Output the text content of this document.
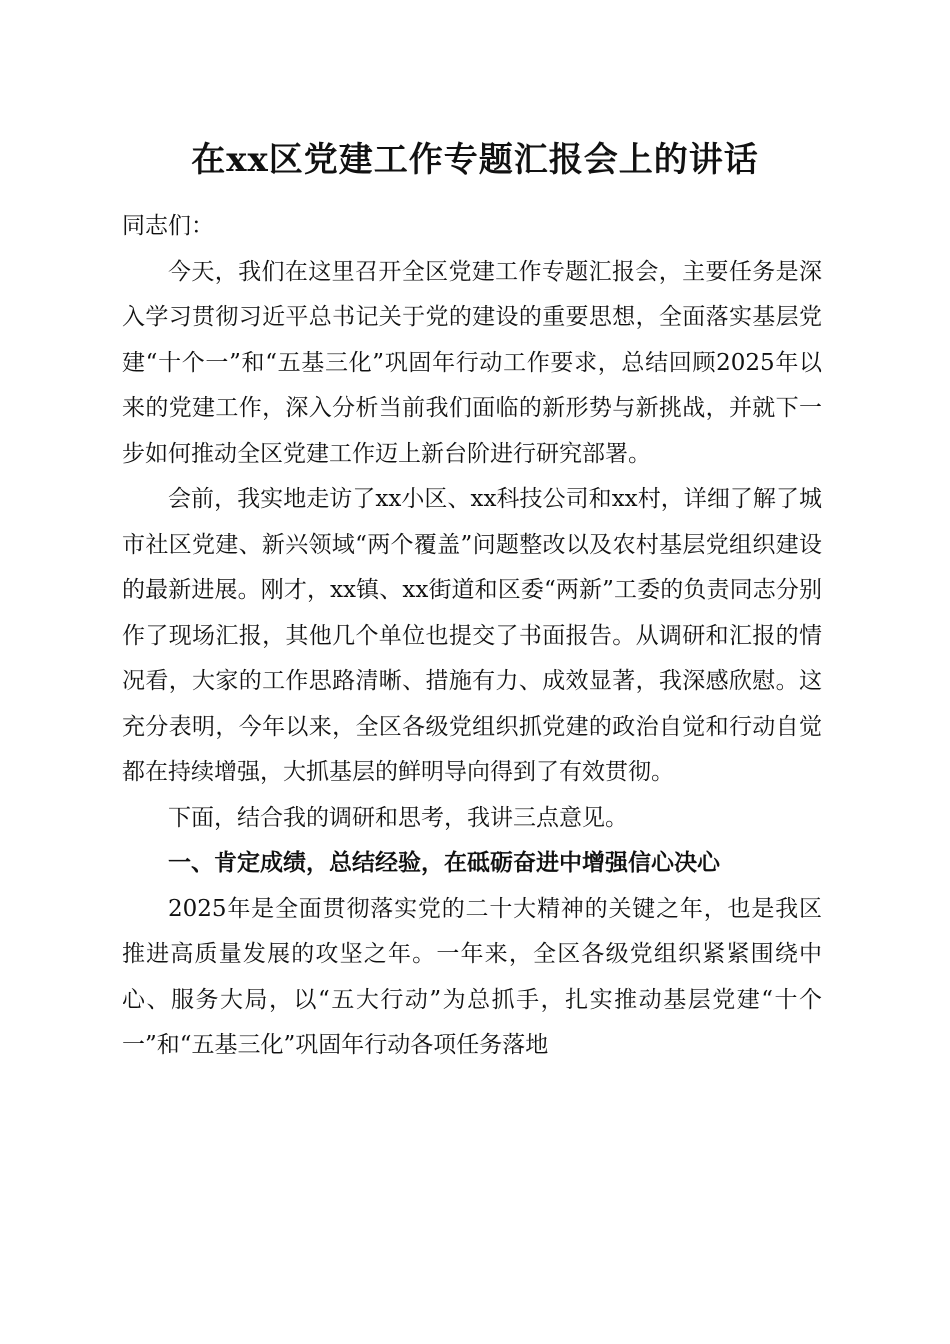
在xx区党建工作专题汇报会上的讲话

同志们：

今天，我们在这里召开全区党建工作专题汇报会，主要任务是深入学习贯彻习近平总书记关于党的建设的重要思想，全面落实基层党建“十个一”和“五基三化”巩固年行动工作要求，总结回顾2025年以来的党建工作，深入分析当前我们面临的新形势与新挑战，并就下一步如何推动全区党建工作迈上新台阶进行研究部署。

会前，我实地走访了xx小区、xx科技公司和xx村，详细了解了城市社区党建、新兴领域“两个覆盖”问题整改以及农村基层党组织建设的最新进展。刚才，xx镇、xx街道和区委“两新”工委的负责同志分别作了现场汇报，其他几个单位也提交了书面报告。从调研和汇报的情况看，大家的工作思路清晰、措施有力、成效显著，我深感欣慰。这充分表明，今年以来，全区各级党组织抓党建的政治自觉和行动自觉都在持续增强，大抓基层的鲜明导向得到了有效贯彻。

下面，结合我的调研和思考，我讲三点意见。

一、肯定成绩，总结经验，在砥砺奋进中增强信心决心

2025年是全面贯彻落实党的二十大精神的关键之年，也是我区推进高质量发展的攻坚之年。一年来，全区各级党组织紧紧围绕中心、服务大局，以“五大行动”为总抓手，扎实推动基层党建“十个一”和“五基三化”巩固年行动各项任务落地
